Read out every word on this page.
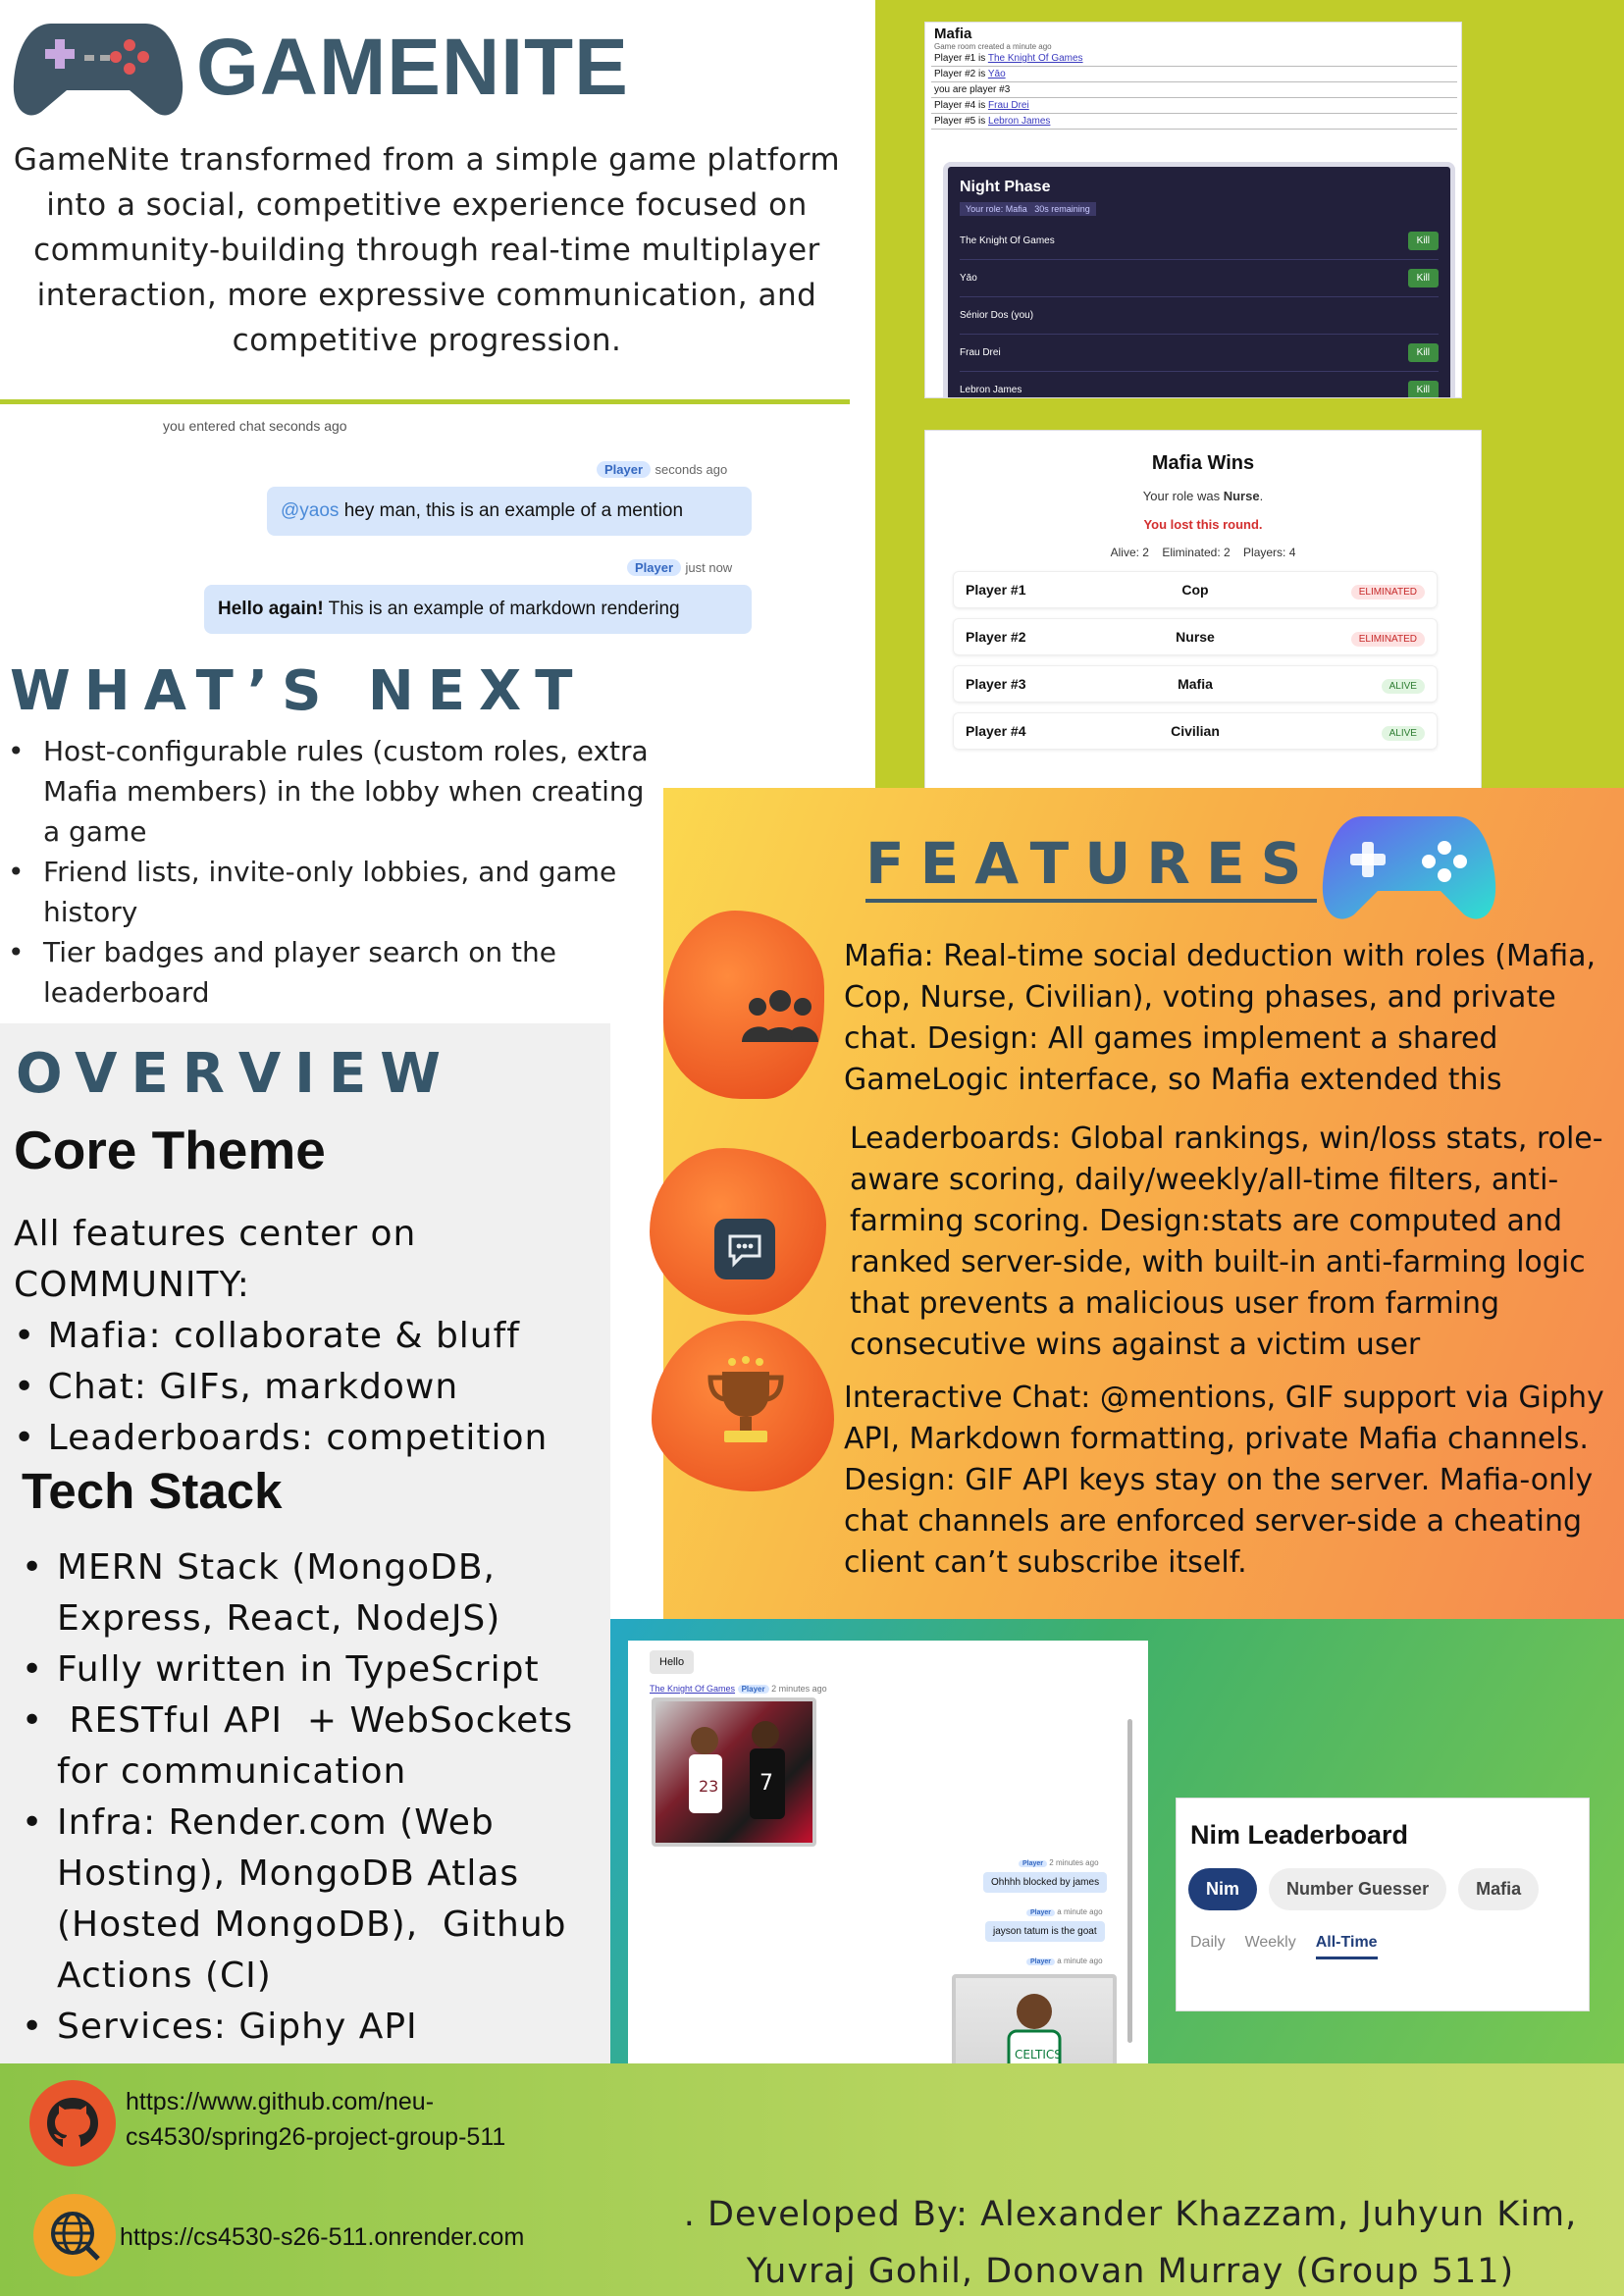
GAMENITE
GameNite transformed from a simple game platform into a social, competitive experience focused on community-building through real-time multiplayer interaction, more expressive communication, and competitive progression.
Mafia
Game room created a minute ago
Player #1 is The Knight Of Games
Player #2 is Yāo
you are player #3
Player #4 is Frau Drei
Player #5 is Lebron James
Night Phase
Your role: Mafia 30s remaining
The Knight Of Games	Kill
Yāo	Kill
Sénior Dos (you)
Frau Drei	Kill
Lebron James	Kill
Mafia Wins
Your role was Nurse.
You lost this round.
Alive: 2    Eliminated: 2    Players: 4
Player #1	Cop	ELIMINATED
Player #2	Nurse	ELIMINATED
Player #3	Mafia	ALIVE
Player #4	Civilian	ALIVE
you entered chat seconds ago
Player seconds ago
@yaos hey man, this is an example of a mention
Player just now
Hello again! This is an example of markdown rendering
WHAT’S NEXT
• Host-configurable rules (custom roles, extra Mafia members) in the lobby when creating a game
• Friend lists, invite-only lobbies, and game history
• Tier badges and player search on the leaderboard
OVERVIEW
Core Theme
All features center on COMMUNITY:
• Mafia: collaborate & bluff
• Chat: GIFs, markdown
• Leaderboards: competition
Tech Stack
• MERN Stack (MongoDB, Express, React, NodeJS)
• Fully written in TypeScript
•  RESTful API  + WebSockets for communication
• Infra: Render.com (Web Hosting), MongoDB Atlas (Hosted MongoDB),  Github Actions (CI)
• Services: Giphy API
FEATURES
Mafia: Real-time social deduction with roles (Mafia, Cop, Nurse, Civilian), voting phases, and private chat. Design: All games implement a shared GameLogic interface, so Mafia extended this
Leaderboards: Global rankings, win/loss stats, role-aware scoring, daily/weekly/all-time filters, anti-farming scoring. Design:stats are computed and ranked server-side, with built-in anti-farming logic that prevents a malicious user from farming consecutive wins against a victim user
Interactive Chat: @mentions, GIF support via Giphy API, Markdown formatting, private Mafia channels. Design: GIF API keys stay on the server. Mafia-only chat channels are enforced server-side a cheating client can’t subscribe itself.
Hello
The Knight Of Games Player 2 minutes ago
23 7
Player 2 minutes ago
Ohhhh blocked by james
Player a minute ago
jayson tatum is the goat
Player a minute ago
CELTICS
Nim Leaderboard
Nim	Number Guesser	Mafia
Daily Weekly All-Time
https://www.github.com/neu-cs4530/spring26-project-group-511
https://cs4530-s26-511.onrender.com
. Developed By: Alexander Khazzam, Juhyun Kim, Yuvraj Gohil, Donovan Murray (Group 511)
